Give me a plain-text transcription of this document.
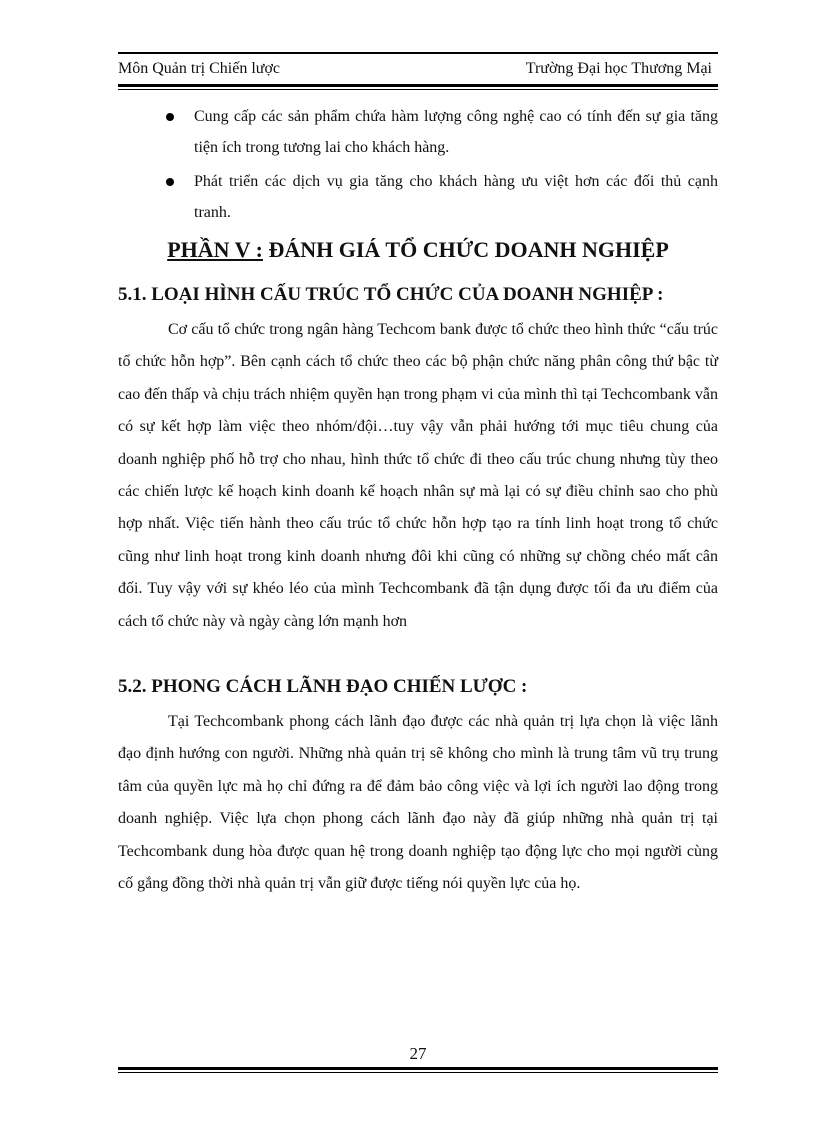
Môn Quản trị Chiến lược	Trường Đại học Thương Mại
Cung cấp các sản phẩm chứa hàm lượng công nghệ cao có tính đến sự gia tăng tiện ích trong tương lai cho khách hàng.
Phát triển các dịch vụ gia tăng cho khách hàng ưu việt hơn các đối thủ cạnh tranh.
PHẦN V : ĐÁNH GIÁ TỔ CHỨC DOANH NGHIỆP
5.1. LOẠI HÌNH CẤU TRÚC TỔ CHỨC CỦA DOANH NGHIỆP :
Cơ cấu tổ chức trong ngân hàng Techcom bank được tổ chức theo hình thức “cấu trúc tổ chức hỗn hợp”. Bên cạnh cách tổ chức theo các bộ phận chức năng phân công thứ bậc từ cao đến thấp và chịu trách nhiệm quyền hạn trong phạm vi của mình thì tại Techcombank vẫn có sự kết hợp làm việc theo nhóm/đội…tuy vậy vẫn phải hướng tới mục tiêu chung của doanh nghiệp phố hỗ trợ cho nhau, hình thức tổ chức đi theo cấu trúc chung nhưng tùy theo các chiến lược kế hoạch kinh doanh kế hoạch nhân sự mà lại có sự điều chỉnh sao cho phù hợp nhất. Việc tiến hành theo cấu trúc tổ chức hỗn hợp tạo ra tính linh hoạt trong tổ chức cũng như linh hoạt trong kinh doanh nhưng đôi khi cũng có những sự chồng chéo mất cân đối. Tuy vậy với sự khéo léo của mình Techcombank đã tận dụng được tối đa ưu điểm của cách tổ chức này và ngày càng lớn mạnh hơn
5.2. PHONG CÁCH LÃNH ĐẠO CHIẾN LƯỢC :
Tại Techcombank phong cách lãnh đạo được các nhà quản trị lựa chọn là việc lãnh đạo định hướng con người. Những nhà quản trị sẽ không cho mình là trung tâm vũ trụ trung tâm của quyền lực mà họ chỉ đứng ra để đảm bảo công việc và lợi ích người lao động trong doanh nghiệp. Việc lựa chọn phong cách lãnh đạo này đã giúp những nhà quản trị tại Techcombank dung hòa được quan hệ trong doanh nghiệp tạo động lực cho mọi người cùng cố gắng đồng thời nhà quản trị vẫn giữ được tiếng nói quyền lực của họ.
27
